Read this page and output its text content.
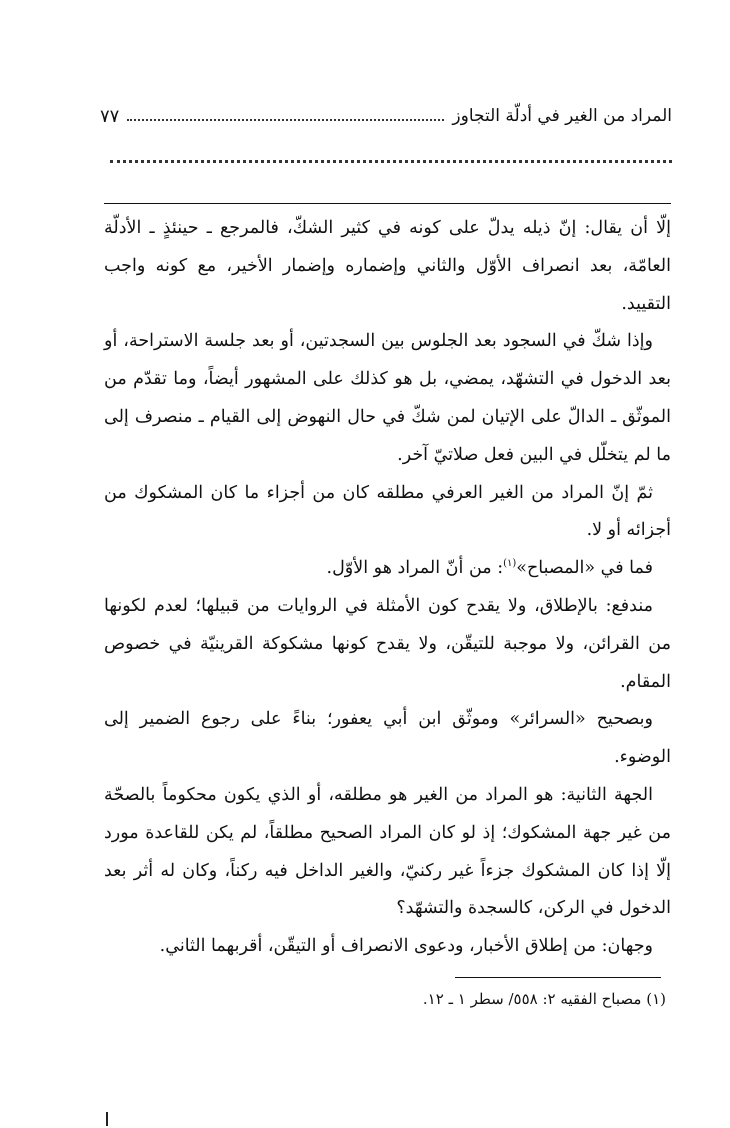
المراد من الغير في أدلّة التجاوز
٧٧

إلّا أن يقال: إنّ ذيله يدلّ على كونه في كثير الشكّ، فالمرجع ـ حينئذٍ ـ الأدلّة العامّة، بعد انصراف الأوّل والثاني وإضماره وإضمار الأخير، مع كونه واجب التقييد.

وإذا شكّ في السجود بعد الجلوس بين السجدتين، أو بعد جلسة الاستراحة، أو بعد الدخول في التشهّد، يمضي، بل هو كذلك على المشهور أيضاً، وما تقدّم من الموثّق ـ الدالّ على الإتيان لمن شكّ في حال النهوض إلى القيام ـ منصرف إلى ما لم يتخلّل في البين فعل صلاتيّ آخر.

ثمّ إنّ المراد من الغير العرفي مطلقه كان من أجزاء ما كان المشكوك من أجزائه أو لا.

فما في «المصباح»$^{(١)}$: من أنّ المراد هو الأوّل.

مندفع: بالإطلاق، ولا يقدح كون الأمثلة في الروايات من قبيلها؛ لعدم لكونها من القرائن، ولا موجبة للتيقّن، ولا يقدح كونها مشكوكة القرينيّة في خصوص المقام.

وبصحيح «السرائر» وموثّق ابن أبي يعفور؛ بناءً على رجوع الضمير إلى الوضوء.

الجهة الثانية: هو المراد من الغير هو مطلقه، أو الذي يكون محكوماً بالصحّة من غير جهة المشكوك؛ إذ لو كان المراد الصحيح مطلقاً، لم يكن للقاعدة مورد إلّا إذا كان المشكوك جزءاً غير ركنيّ، والغير الداخل فيه ركناً، وكان له أثر بعد الدخول في الركن، كالسجدة والتشهّد؟

وجهان: من إطلاق الأخبار، ودعوى الانصراف أو التيقّن، أقربهما الثاني.

(١) مصباح الفقيه ٢: ٥٥٨/ سطر ١ ـ ١٢.
